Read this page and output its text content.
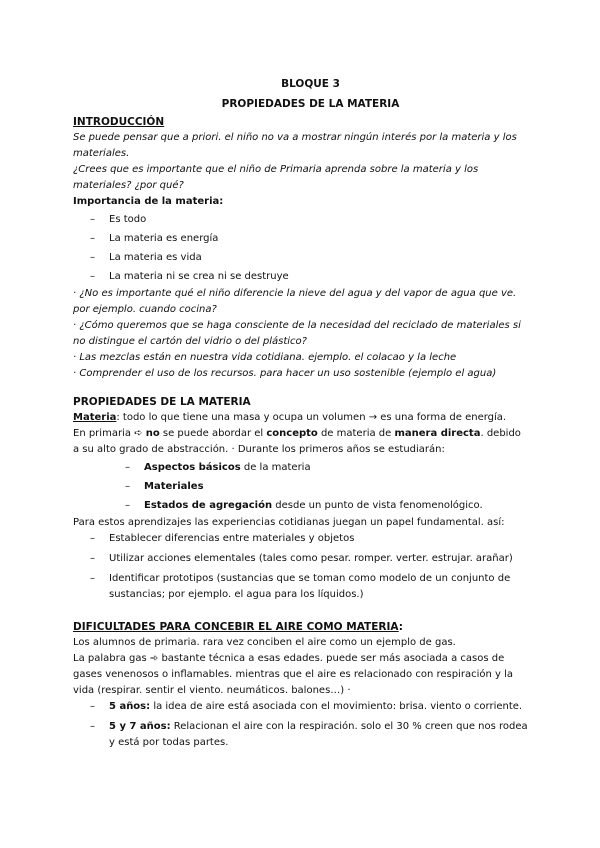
BLOQUE 3
PROPIEDADES DE LA MATERIA
INTRODUCCIÓN
Se puede pensar que a priori. el niño no va a mostrar ningún interés por la materia y los materiales.
¿Crees que es importante que el niño de Primaria aprenda sobre la materia y los materiales? ¿por qué?
Importancia de la materia:
– Es todo
– La materia es energía
– La materia es vida
– La materia ni se crea ni se destruye
· ¿No es importante qué el niño diferencie la nieve del agua y del vapor de agua que ve. por ejemplo. cuando cocina?
· ¿Cómo queremos que se haga consciente de la necesidad del reciclado de materiales si no distingue el cartón del vidrio o del plástico?
· Las mezclas están en nuestra vida cotidiana. ejemplo. el colacao y la leche
· Comprender el uso de los recursos. para hacer un uso sostenible (ejemplo el agua)
PROPIEDADES DE LA MATERIA
Materia: todo lo que tiene una masa y ocupa un volumen → es una forma de energía.
En primaria ➪ no se puede abordar el concepto de materia de manera directa. debido a su alto grado de abstracción. · Durante los primeros años se estudiarán:
– Aspectos básicos de la materia
– Materiales
– Estados de agregación desde un punto de vista fenomenológico.
Para estos aprendizajes las experiencias cotidianas juegan un papel fundamental. así:
– Establecer diferencias entre materiales y objetos
– Utilizar acciones elementales (tales como pesar. romper. verter. estrujar. arañar)
– Identificar prototipos (sustancias que se toman como modelo de un conjunto de sustancias; por ejemplo. el agua para los líquidos.)
DIFICULTADES PARA CONCEBIR EL AIRE COMO MATERIA:
Los alumnos de primaria. rara vez conciben el aire como un ejemplo de gas.
La palabra gas ➾ bastante técnica a esas edades. puede ser más asociada a casos de gases venenosos o inflamables. mientras que el aire es relacionado con respiración y la vida (respirar. sentir el viento. neumáticos. balones…) ·
– 5 años: la idea de aire está asociada con el movimiento: brisa. viento o corriente.
– 5 y 7 años: Relacionan el aire con la respiración. solo el 30 % creen que nos rodea y está por todas partes.
